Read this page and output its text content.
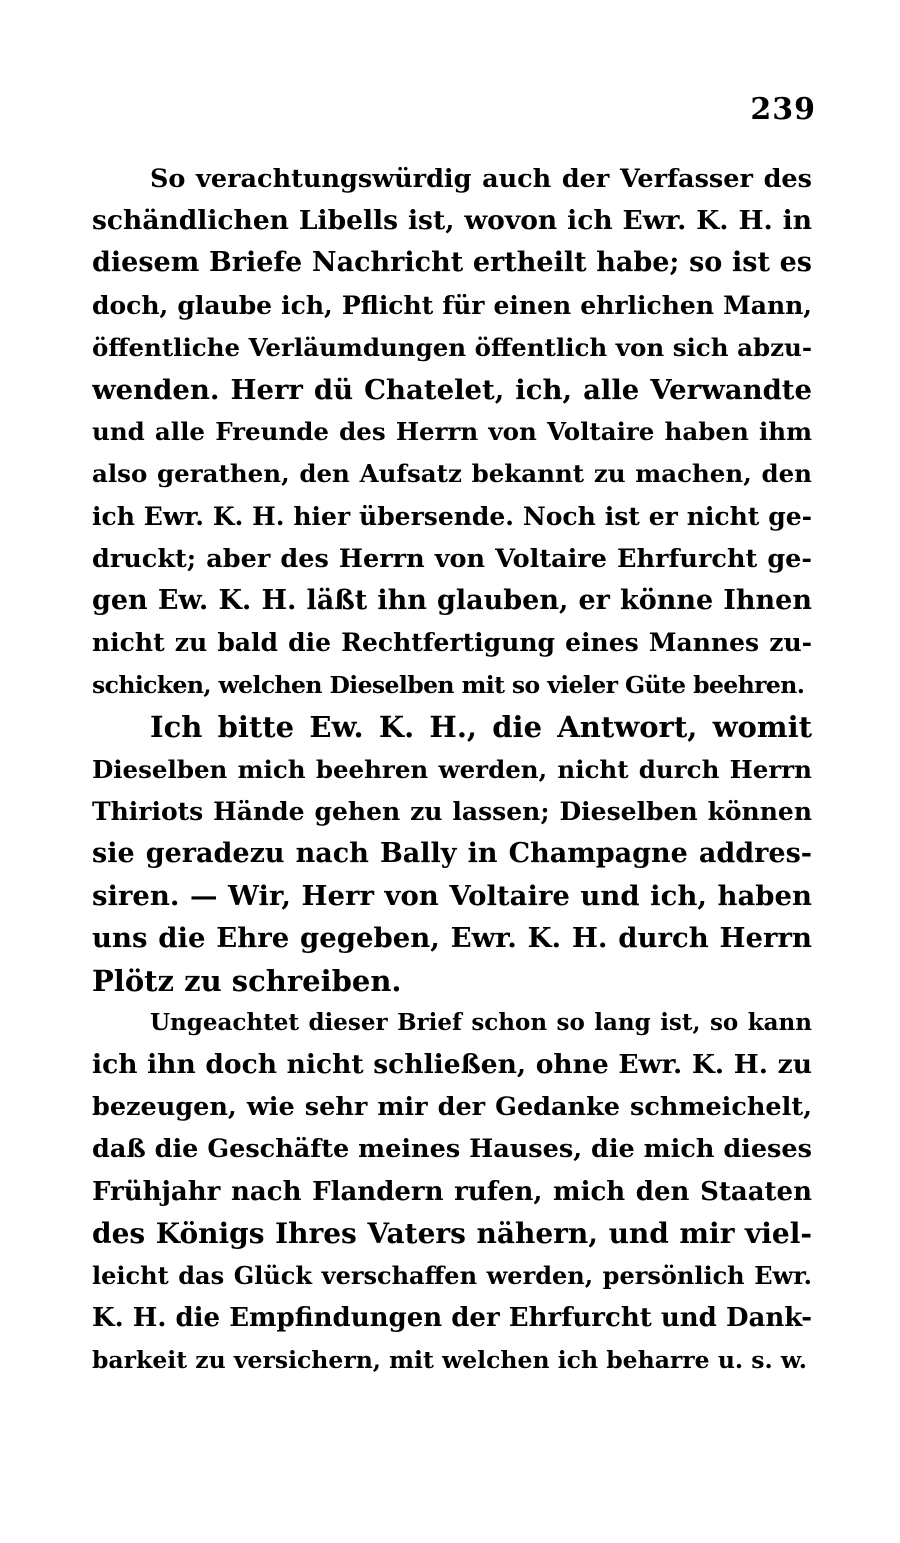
239
So verachtungswürdig auch der Verfasser des
schändlichen Libells ist, wovon ich Ewr. K. H. in
diesem Briefe Nachricht ertheilt habe; so ist es
doch, glaube ich, Pflicht für einen ehrlichen Mann,
öffentliche Verläumdungen öffentlich von sich abzu-
wenden. Herr dü Chatelet, ich, alle Verwandte
und alle Freunde des Herrn von Voltaire haben ihm
also gerathen, den Aufsatz bekannt zu machen, den
ich Ewr. K. H. hier übersende. Noch ist er nicht ge-
druckt; aber des Herrn von Voltaire Ehrfurcht ge-
gen Ew. K. H. läßt ihn glauben, er könne Ihnen
nicht zu bald die Rechtfertigung eines Mannes zu-
schicken, welchen Dieselben mit so vieler Güte beehren.
Ich bitte Ew. K. H., die Antwort, womit
Dieselben mich beehren werden, nicht durch Herrn
Thiriots Hände gehen zu lassen; Dieselben können
sie geradezu nach Bally in Champagne addres-
siren. — Wir, Herr von Voltaire und ich, haben
uns die Ehre gegeben, Ewr. K. H. durch Herrn
Plötz zu schreiben.
Ungeachtet dieser Brief schon so lang ist, so kann
ich ihn doch nicht schließen, ohne Ewr. K. H. zu
bezeugen, wie sehr mir der Gedanke schmeichelt,
daß die Geschäfte meines Hauses, die mich dieses
Frühjahr nach Flandern rufen, mich den Staaten
des Königs Ihres Vaters nähern, und mir viel-
leicht das Glück verschaffen werden, persönlich Ewr.
K. H. die Empfindungen der Ehrfurcht und Dank-
barkeit zu versichern, mit welchen ich beharre u. s. w.
